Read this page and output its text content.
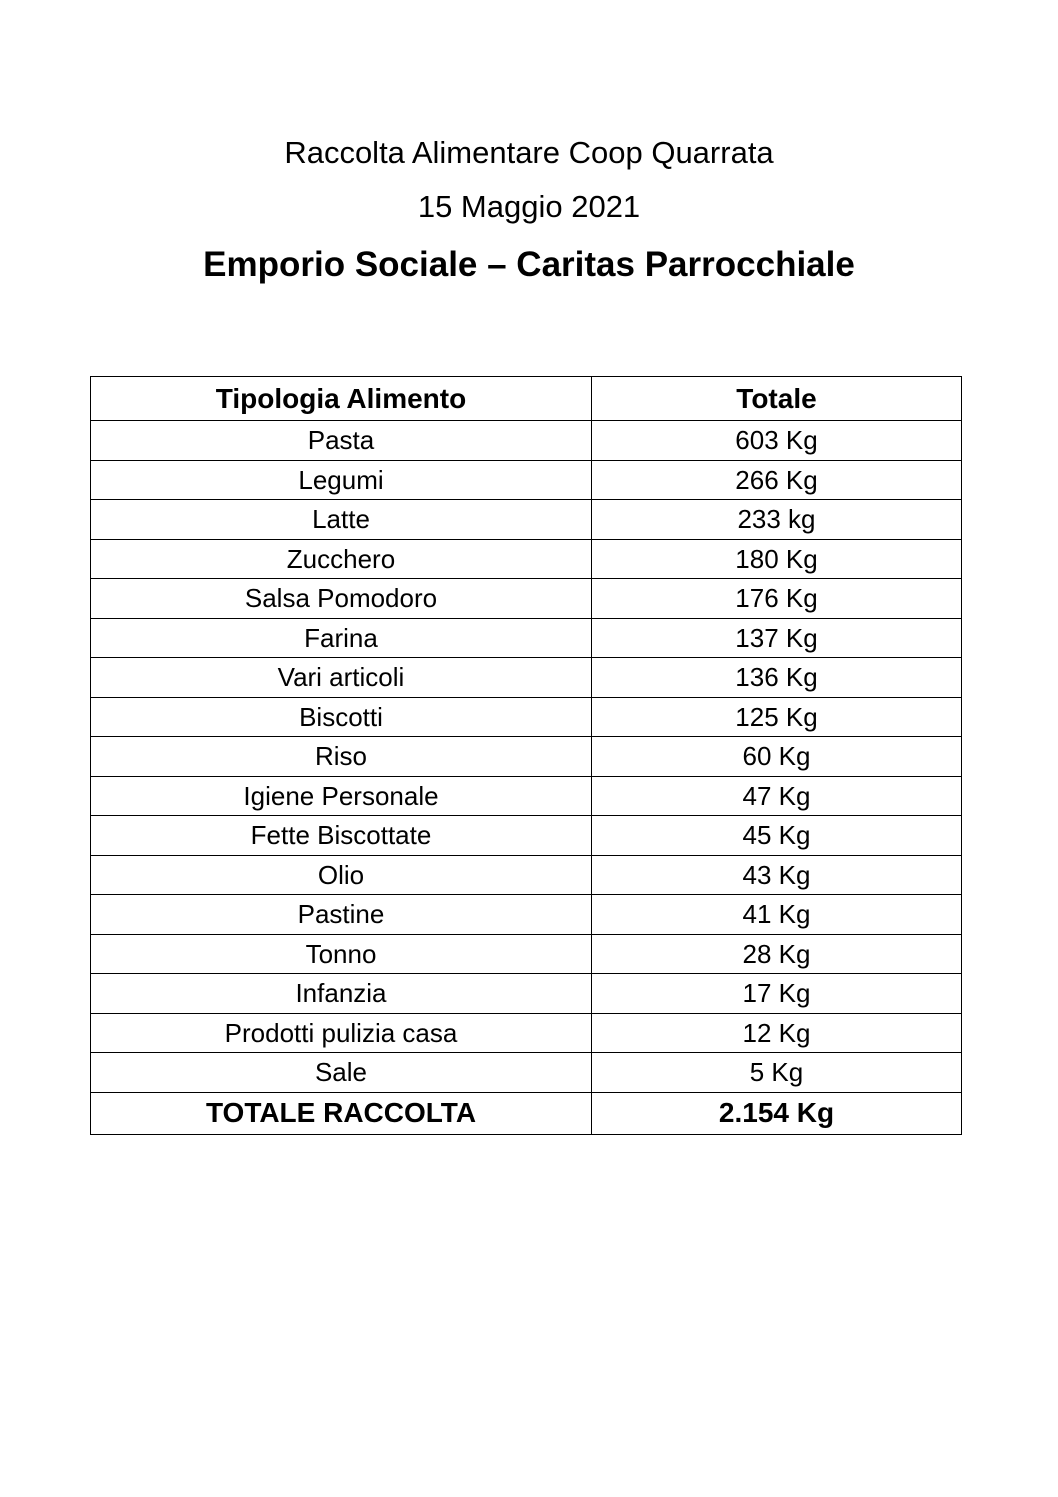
Raccolta Alimentare Coop Quarrata
15 Maggio 2021
Emporio Sociale – Caritas Parrocchiale
Tipologia Alimento	Totale
Pasta	603 Kg
Legumi	266 Kg
Latte	233 kg
Zucchero	180 Kg
Salsa Pomodoro	176 Kg
Farina	137 Kg
Vari articoli	136 Kg
Biscotti	125 Kg
Riso	60 Kg
Igiene Personale	47 Kg
Fette Biscottate	45 Kg
Olio	43 Kg
Pastine	41 Kg
Tonno	28 Kg
Infanzia	17 Kg
Prodotti pulizia casa	12 Kg
Sale	5 Kg
TOTALE RACCOLTA	2.154 Kg
